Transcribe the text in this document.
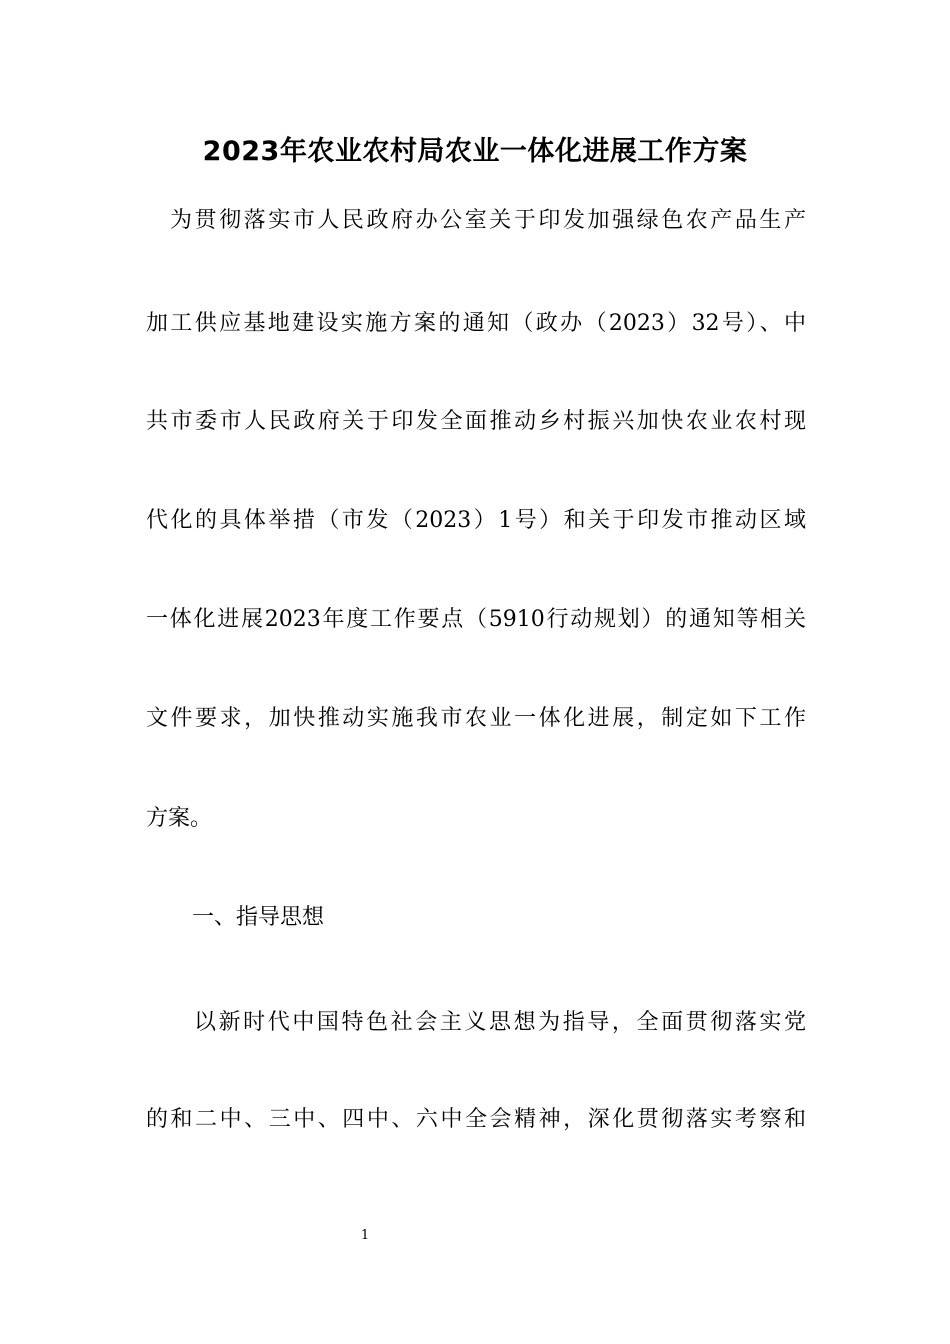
2023年农业农村局农业一体化进展工作方案
为贯彻落实市人民政府办公室关于印发加强绿色农产品生产
加工供应基地建设实施方案的通知（政办（2023）32号）、中
共市委市人民政府关于印发全面推动乡村振兴加快农业农村现
代化的具体举措（市发（2023）1号）和关于印发市推动区域
一体化进展2023年度工作要点（5910行动规划）的通知等相关
文件要求，加快推动实施我市农业一体化进展，制定如下工作
方案。
一、指导思想
以新时代中国特色社会主义思想为指导，全面贯彻落实党
的和二中、三中、四中、六中全会精神，深化贯彻落实考察和
1
